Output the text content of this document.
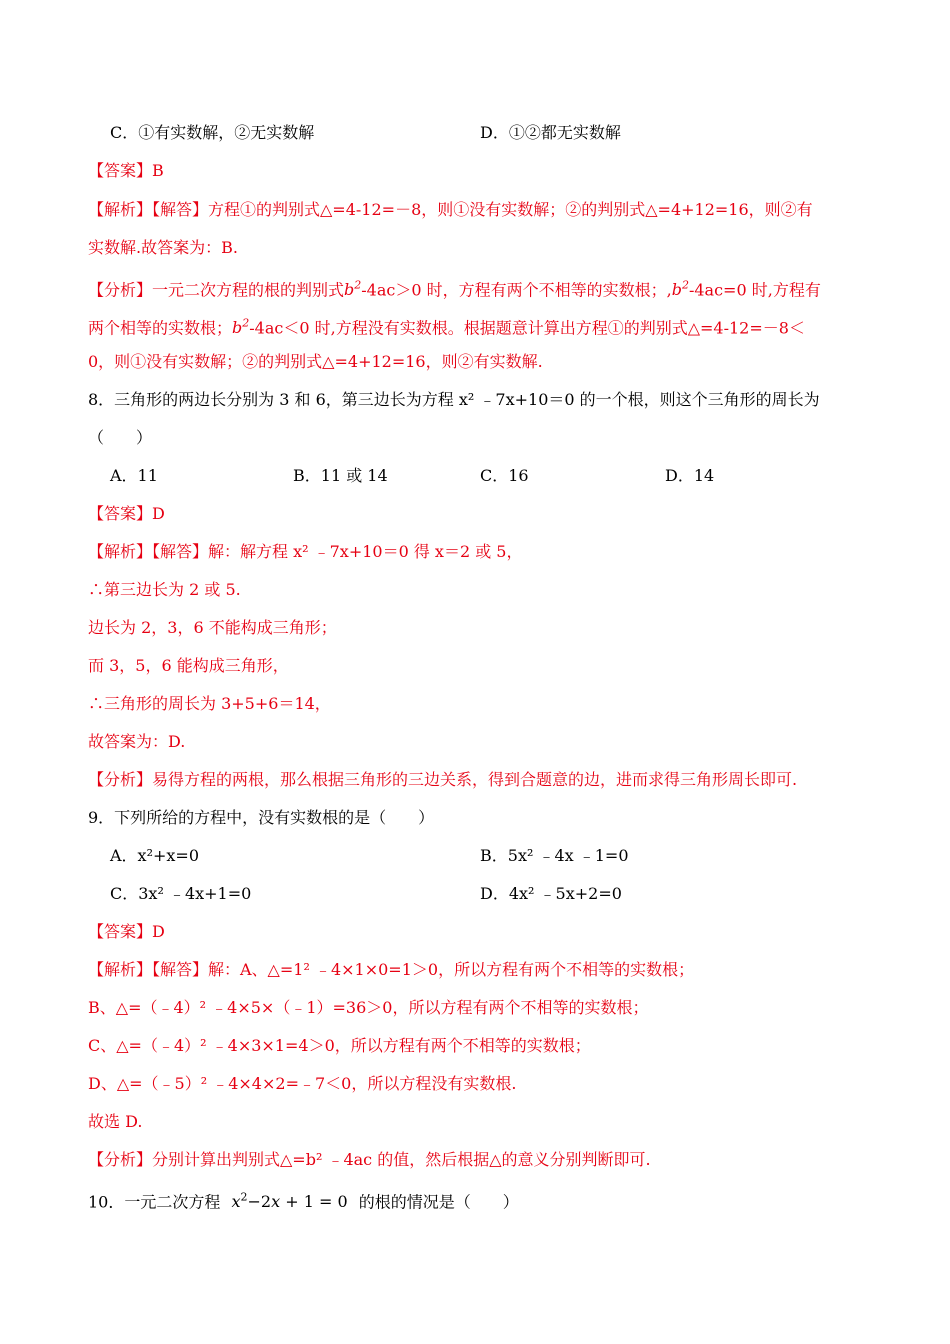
C．①有实数解，②无实数解	D．①②都无实数解
【答案】B
【解析】【解答】方程①的判别式△=4-12=－8，则①没有实数解；②的判别式△=4+12=16，则②有
实数解.故答案为：B.
【分析】一元二次方程的根的判别式$b^2-4ac>0$ 时，方程有两个不相等的实数根；$,b^2-4ac=0$ 时,方程有
两个相等的实数根；$b^2-4ac<0$ 时,方程没有实数根。根据题意计算出方程①的判别式△=4-12=－8＜
0，则①没有实数解；②的判别式△=4+12=16，则②有实数解.
8．三角形的两边长分别为 3 和 6，第三边长为方程 x² ﹣7x+10＝0 的一个根，则这个三角形的周长为
（　　）
A．11	B．11 或 14	C．16	D．14
【答案】D
【解析】【解答】解：解方程 x² ﹣7x+10＝0 得 x＝2 或 5，
∴第三边长为 2 或 5.
边长为 2，3，6 不能构成三角形；
而 3，5，6 能构成三角形，
∴三角形的周长为 3+5+6＝14，
故答案为：D.
【分析】易得方程的两根，那么根据三角形的三边关系，得到合题意的边，进而求得三角形周长即可.
9．下列所给的方程中，没有实数根的是（　　）
A．x²+x=0	B．5x² ﹣4x ﹣1=0
C．3x² ﹣4x+1=0	D．4x² ﹣5x+2=0
【答案】D
【解析】【解答】解：A、△=1² ﹣4×1×0=1＞0，所以方程有两个不相等的实数根；
B、△=（﹣4）² ﹣4×5×（﹣1）=36＞0，所以方程有两个不相等的实数根；
C、△=（﹣4）² ﹣4×3×1=4＞0，所以方程有两个不相等的实数根；
D、△=（﹣5）² ﹣4×4×2=﹣7＜0，所以方程没有实数根.
故选 D.
【分析】分别计算出判别式△=b² ﹣4ac 的值，然后根据△的意义分别判断即可.
10．一元二次方程 $x^2-2x + 1 = 0$ 的根的情况是（　　）
